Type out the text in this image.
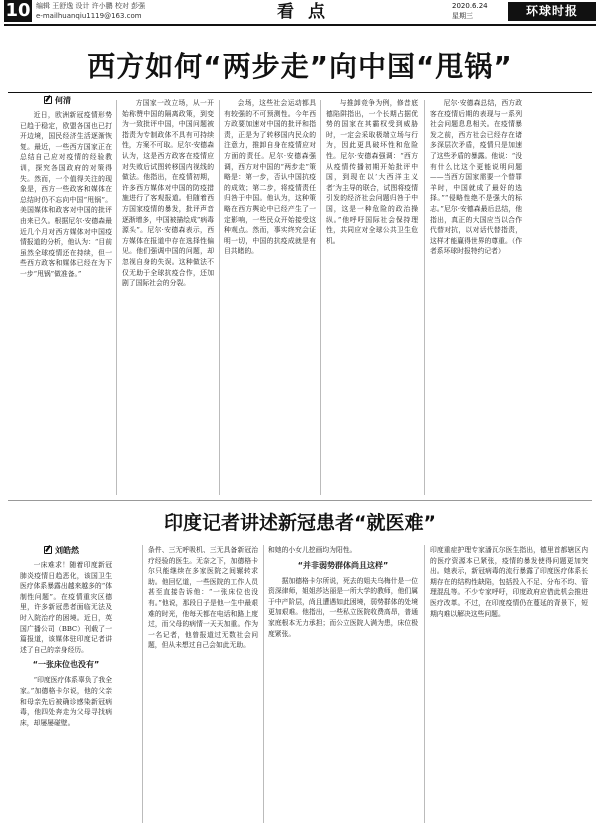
10 编辑 王舒逸 设计 许小鹏 校对 彭强
e-mailhuanqiu1119@163.com	看 点	2020.6.24
星期三	环球时报
西方如何“两步走”向中国“甩锅”
何清
近日，欧洲新冠疫情形势已趋于稳定，欧盟各国也已打开边境，国民经济生活逐渐恢复。最近，一些西方国家正在总结自己应对疫情的经验教训，探究各国政府的对策得失。然而，一个值得关注的现象是，西方一些政客和媒体在总结时仍不忘向中国“甩锅”。美国媒体和政客对中国的批评由来已久。根据尼尔·安德森最近几个月对西方媒体对中国疫情报道的分析，他认为：“目前虽然全球疫情还在持续，但一些西方政客和媒体已经在为下一步“甩锅”做准备。”
方国家一改立场，从一开始称赞中国的隔离政策，到变为一致批评中国，中国问题被指责为专制政体不具有可持续性，方案不可取。尼尔·安德森认为，这是西方政客在疫情应对失败后试图转移国内视线的做法。他指出，在疫情初期，许多西方媒体对中国的防疫措施进行了客观报道。但随着西方国家疫情的暴发，批评声音逐渐增多，中国被描绘成“病毒源头”。尼尔·安德森表示，西方媒体在报道中存在选择性偏见。他们强调中国的问题，却忽视自身的失误。这种做法不仅无助于全球抗疫合作，还加剧了国际社会的分裂。
会场，这些社会运动都具有较强的不可预测性。今年西方政要加速对中国的批评和指责，正是为了转移国内民众的注意力，推卸自身在疫情应对方面的责任。尼尔·安德森强调，西方对中国的“两步走”策略是：第一步，否认中国抗疫的成效；第二步，将疫情责任归咎于中国。他认为，这种策略在西方舆论中已经产生了一定影响，一些民众开始接受这种观点。然而，事实终究会证明一切，中国的抗疫成就是有目共睹的。
与推卸竞争为例，修昔底德陷阱指出，一个长期占据优势的国家在其霸权受到威胁时，一定会采取极端立场与行为，因此更具破坏性和危险性。尼尔·安德森强调：“西方从疫情传播初期开始批评中国，到现在以‘大西洋主义者’为主导的联合，试图将疫情引发的经济社会问题归咎于中国，这是一种危险的政治操纵。”他呼吁国际社会保持理性，共同应对全球公共卫生危机。
尼尔·安德森总结，西方政客在疫情后期的表现与一系列社会问题息息相关。在疫情暴发之前，西方社会已经存在诸多深层次矛盾，疫情只是加速了这些矛盾的暴露。他说：“没有什么比这个更能说明问题——当西方国家需要一个替罪羊时，中国就成了最好的选择。”“侵略性绝不是强大的标志。”尼尔·安德森最后总结，他指出，真正的大国应当以合作代替对抗，以对话代替指责，这样才能赢得世界的尊重。（作者系环球时报特约记者）
印度记者讲述新冠患者“就医难”
刘皓然
一床难求！随着印度新冠肺炎疫情日趋恶化，该国卫生医疗体系暴露出越来越多的“体制性问题”。在疫情重灾区德里，许多新冠患者面临无法及时入院治疗的困境。近日，英国广播公司（BBC）刊载了一篇报道，该媒体驻印度记者讲述了自己的亲身经历。
“一张床位也没有”
“印度医疗体系辜负了我全家。”加德格卡尔说，他的父亲和母亲先后被确诊感染新冠病毒，他四处奔走为父母寻找病床，却屡屡碰壁。
条件、三无呼吸机、三无具备新冠治疗经验的医生。无奈之下，加德格卡尔只能继续在多家医院之间辗转求助。他回忆道，一些医院的工作人员甚至直接告诉他：“一张床位也没有。”他说，那段日子是他一生中最艰难的时光，他每天都在电话和路上度过，而父母的病情一天天加重。作为一名记者，他曾报道过无数社会问题，但从未想过自己会如此无助。
和她的小女儿挖画均为阳性。
“并非弱势群体尚且这样”
据加德格卡尔所说，死去的姐夫乌梅什是一位资深律师，姐姐莎达丽是一所大学的教师，他们属于中产阶层，尚且遭遇如此困境，弱势群体的处境更加艰难。他指出，一些私立医院收费高昂，普通家庭根本无力承担；而公立医院人满为患，床位极度紧张。
印度重症护理专家潘瓦尔医生指出，德里首都辖区内的医疗资源本已紧张，疫情的暴发使得问题更加突出。她表示，新冠病毒的流行暴露了印度医疗体系长期存在的结构性缺陷，包括投入不足、分布不均、管理混乱等。不少专家呼吁，印度政府应借此机会推进医疗改革。不过，在印度疫情仍在蔓延的背景下，短期内难以解决这些问题。
